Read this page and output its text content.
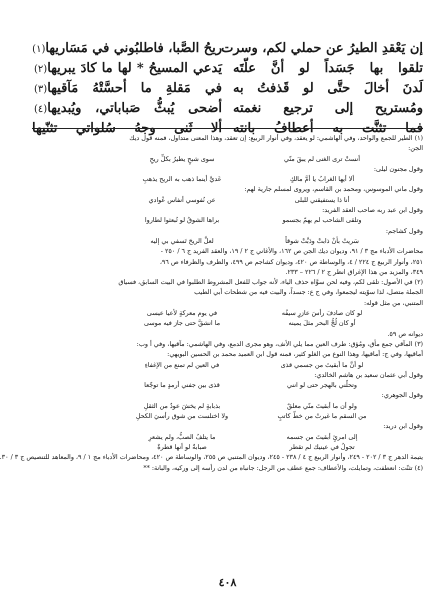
إن يَعْقدِ الطيرُ عن حملي لكم، وسرت
ريحُ الصَّبا، فاطلبُوني في مَسَاريها(١)
تلقوا بها جَسَداً لو أنَّ علّتَه
يَدعي المسيحُ * لها ما كادَ يبريها(٢)
لَدنَ أخالَ حتَّى لو قَذفتُ به
في مَقلةِ ما أحسَّتْهُ مَآقيها(٣)
ومُستريح إلى ترجيع نغمته
أضحى يُبثُّ صَباباتي، ويُبديها(٤)
فما تثنَّت به أعطافُ بانته
ألا ثَنى وجهُ سُلواتي تثنّيها
(١) الطير للجمع والواحد، وفي الهاشمي: لو يعقد، وفي أنوار الربيع: إن تعقد، وهذا المعنى متداول، فمنه قول ديك
الجن:
أنستْ ترى الغنى لم يبقَ منّي
سوى شبحٍ يطيرُ بكلِّ ريحِ
وقول مجنون ليلى:
ألا أيها الغرابُ يا أمَّ مالكٍ
عَديَّ أينما ذهب به الريح يذهبِ
وقول ماني الموسوس، ومحمد بن القاسم، ويروى لمسلم جارية لهم:
أنا ذا يستفيقني للبلى
عن نُفوسي أنفاس عُوادي
وقول ابن عبد ربه صاحب العقد الفريد:
وتلقى الشاحب لم يهمّ بجسمو
براها الشوقُ لو تُبعثوا لطاروا
وقول كشاجم:
سَريتُ بأنْ ذابتْ ودَبَّتْ شوقاً
لعلَّ الريحَ تَسفي بي إليه
محاضرات الأدباء مج ٣ / ٩١، وديوان ديك الجن ص ١٦٢، والأغاني ج ٢ / ١٩، والعقد الفريد ج ٦ / ٢٥٠ -
٢٥١، وأنوار الربيع ج ٢٢٤ / ٤، والوساطة ص ٤٢٠، وديوان كشاجم ص ٤٩٩، والظرف والظرفاء ص ٩٦،
٣٤٩، والمزيد من هذا الإغراق انظر ج ٢ / ٢٢٦ – ٢٣٣.
(٢) في الأصول: تلقى لكم، وفيه لحن سوَّاه حذف الياء، لأنه جواب للفعل المشروط الطلبوا في البيت السابق، فسياق
الجملة متصل، لذا سوّيته ليجمعوا، وفي ج ع: جسداً، والبيت فيه من شطحات أبي الطيب
المتنبي، من مثل قوله:
لو كان صادفَ رأسَ عازرٍ سيفُه
في يوم معركةٍ لأعيا عيسى
أو كان لُجُّ البحر مثلَ يمينه
ما انشقَّ حتى جاز فيه موسى
ديوانه ص ٥٩.
(٣) المآقي جمع مأق، ومُؤق: طرف العين مما يلي الأنف، وهو مجرى الدمع، وفي الهاشمي: مآقيها، وفي أ وب:
أماقيها، وفي ج: أماقيها، وهذا النوع من الغلو كثير، فمنه قول ابن العميد محمد بن الحسين البويهي:
لو أنَّ ما أبقيتَ من جسمي قذى
في العين لم تمنع من الإغفاءِ
وقول أبي عثمان سعيد بن هاشم الخالدي:
وتحلّني بالهجر حتى لو انني
قذى بين جفني أرمدٍ ما توجّعا
وقول الجوهري:
ولو أن ما أبقيتَ منّي معلقٌ
بذبابةٍ لم يخشَ عودٌ من الثقلِ
من السقم ما غيرتُ من خطّ كاتبٍ
ولا اختلست من شوق رأسيَ الكحلِ
وقول ابن دريد:
إلى امرئٍ أبقيتَ من جسمه
ما يتلفُ الصبُّ، ولم يشعرِ
تجولُ في عينيك لم تقطر
صبابةٌ لو أنها قطرةٌ
يتيمة الدهر ج ٣ / ٢٠٢ - ٢٤٩، وأنوار الربيع ج ٤ / ٢٣٨ - ٢٤٥، وديوان المتنبي ص ٢٥٥، والوساطة ص ٤٢٠، ومحاضرات الأدباء مج ١ / ٩، والمعاهد للتنصيص ج ٣ / ٣٠
(٤) تثنّت: انعطفت، وتمايلت، والأعطاف: جمع عطف من الرجل: جانباه من لدن رأسه إلى وركيه، والبانة: **
٤٠٨
